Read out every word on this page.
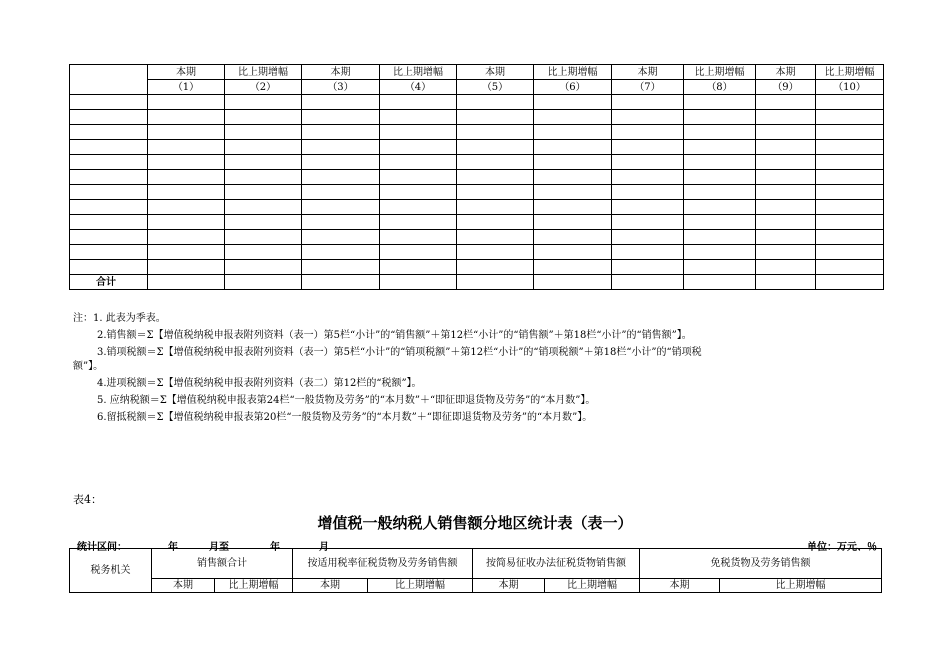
	本期	比上期增幅	本期	比上期增幅	本期	比上期增幅	本期	比上期增幅	本期	比上期增幅
	（1）	（2）	（3）	（4）	（5）	（6）	（7）	（8）	（9）	（10）

合计										

注：1. 此表为季表。

2.销售额＝Σ【增值税纳税申报表附列资料（表一）第5栏“小计”的“销售额”＋第12栏“小计”的“销售额”＋第18栏“小计”的“销售额”】。

3.销项税额＝Σ【增值税纳税申报表附列资料（表一）第5栏“小计”的“销项税额”＋第12栏“小计”的“销项税额”＋第18栏“小计”的“销项税

额”】。

4.进项税额＝Σ【增值税纳税申报表附列资料（表二）第12栏的“税额”】。

5. 应纳税额＝Σ【增值税纳税申报表第24栏“一般货物及劳务”的“本月数”＋“即征即退货物及劳务”的“本月数”】。

6.留抵税额＝Σ【增值税纳税申报表第20栏“一般货物及劳务”的“本月数”＋“即征即退货物及劳务”的“本月数”】。

表4：
增值税一般纳税人销售额分地区统计表（表一）
统计区间：	年	月至	年	月	单位：万元、％
税务机关	销售额合计		按适用税率征税货物及劳务销售额		按简易征收办法征税货物销售额		免税货物及劳务销售额	
	本期	比上期增幅	本期	比上期增幅	本期	比上期增幅	本期	比上期增幅
